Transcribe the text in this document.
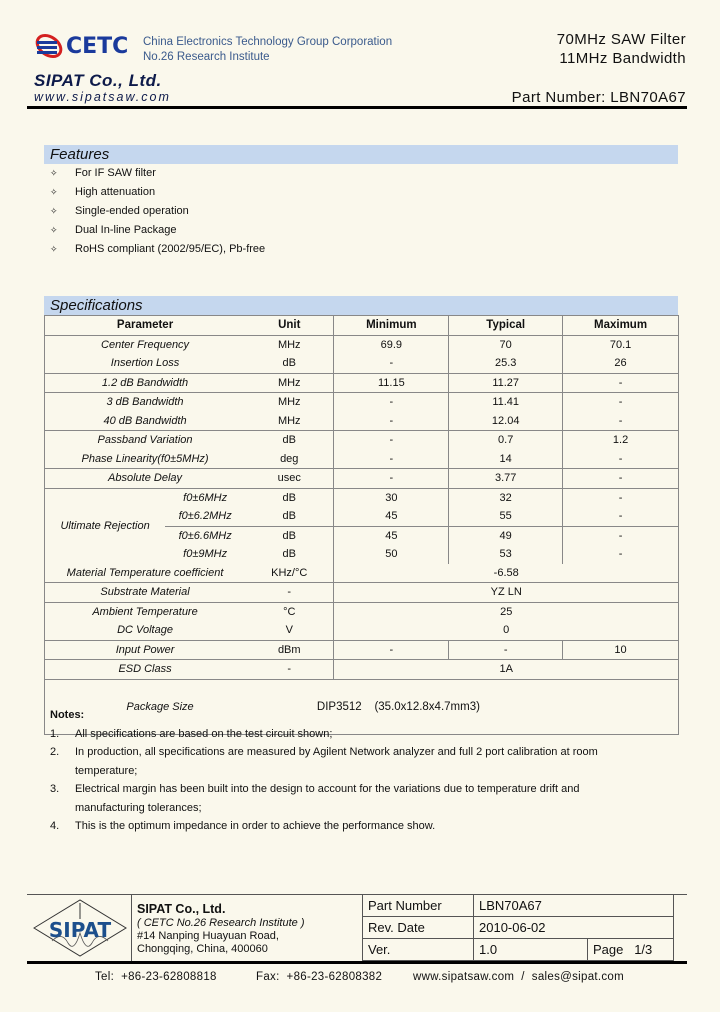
CETC China Electronics Technology Group Corporation
No.26 Research Institute
SIPAT Co., Ltd.
www.sipatsaw.com
70MHz SAW Filter
11MHz Bandwidth
Part Number: LBN70A67
Features
✧ For IF SAW filter
✧ High attenuation
✧ Single-ended operation
✧ Dual In-line Package
✧ RoHS compliant (2002/95/EC), Pb-free
Specifications
Parameter		Unit	Minimum	Typical	Maximum
Center Frequency		MHz	69.9	70	70.1
Insertion Loss		dB	-	25.3	26
1.2 dB Bandwidth		MHz	11.15	11.27	-
3 dB Bandwidth		MHz	-	11.41	-
40 dB Bandwidth		MHz	-	12.04	-
Passband Variation		dB	-	0.7	1.2
Phase Linearity(f0±5MHz)		deg	-	14	-
Absolute Delay		usec	-	3.77	-
Ultimate Rejection	f0±6MHz	dB	30	32	-
	f0±6.2MHz	dB	45	55	-
	f0±6.6MHz	dB	45	49	-
	f0±9MHz	dB	50	53	-
Material Temperature coefficient		KHz/°C	-6.58		
Substrate Material		-	YZ LN		
Ambient Temperature		°C	25		
DC Voltage		V	0		
Input Power		dBm	-	-	10
ESD Class		-	1A		
Package Size		DIP3512    (35.0x12.8x4.7mm3)			

Notes:
1. All specifications are based on the test circuit shown;
2. In production, all specifications are measured by Agilent Network analyzer and full 2 port calibration at room
temperature;
3. Electrical margin has been built into the design to account for the variations due to temperature drift and
manufacturing tolerances;
4. This is the optimum impedance in order to achieve the performance show.
SIPAT
SIPAT Co., Ltd.
( CETC No.26 Research Institute )
#14 Nanping Huayuan Road,
Chongqing, China, 400060
Part Number	LBN70A67	
Rev. Date	2010-06-02	
Ver.	1.0	Page   1/3
Tel:  +86-23-62808818	Fax:  +86-23-62808382	www.sipatsaw.com  /  sales@sipat.com
